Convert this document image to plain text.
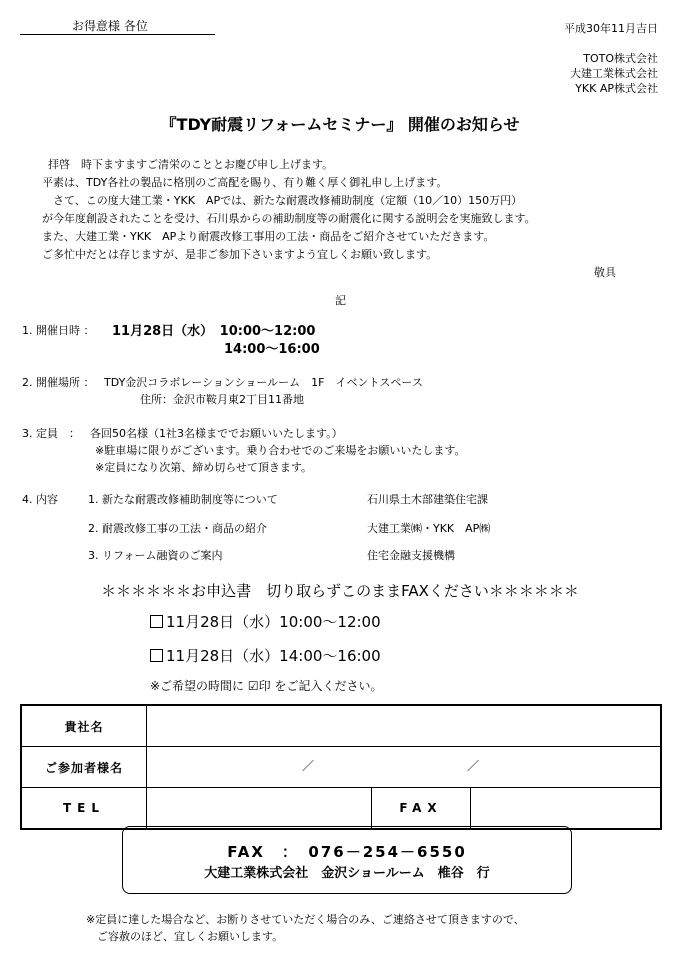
お得意様 各位	平成30年11月吉日
TOTO株式会社
大建工業株式会社
YKK AP株式会社
『TDY耐震リフォームセミナー』 開催のお知らせ
拝啓　時下ますますご清栄のこととお慶び申し上げます。
平素は、TDY各社の製品に格別のご高配を賜り、有り難く厚く御礼申し上げます。
　さて、この度大建工業・YKK　APでは、新たな耐震改修補助制度（定額（10／10）150万円）
が今年度創設されたことを受け、石川県からの補助制度等の耐震化に関する説明会を実施致します。
また、大建工業・YKK　APより耐震改修工事用の工法・商品をご紹介させていただきます。
ご多忙中だとは存じますが、是非ご参加下さいますよう宜しくお願い致します。
敬具
記
1. 開催日時 ： 11月28日（水）　10:00～12:00
14:00～16:00
2. 開催場所 ： TDY金沢コラボレーションショールーム　1F　イベントスペース
住所：金沢市鞍月東2丁目11番地
3. 定員　： 各回50名様（1社3名様まででお願いいたします。）
※駐車場に限りがございます。乗り合わせでのご来場をお願いいたします。
※定員になり次第、締め切らせて頂きます。
4. 内容	1. 新たな耐震改修補助制度等について	石川県土木部建築住宅課
2. 耐震改修工事の工法・商品の紹介	大建工業㈱・YKK　AP㈱
3. リフォーム融資のご案内	住宅金融支援機構
＊＊＊＊＊＊お申込書　切り取らずこのままFAXください＊＊＊＊＊＊
11月28日（水）10:00～12:00
11月28日（水）14:00～16:00
※ご希望の時間に ☑印 をご記入ください。
貴社名			
ご参加者様名	／ ／		

TEL		FAX	
FAX　：　076－254－6550
大建工業株式会社　金沢ショールーム　椎谷　行
※定員に達した場合など、お断りさせていただく場合のみ、ご連絡させて頂きますので、
　ご容赦のほど、宜しくお願いします。
